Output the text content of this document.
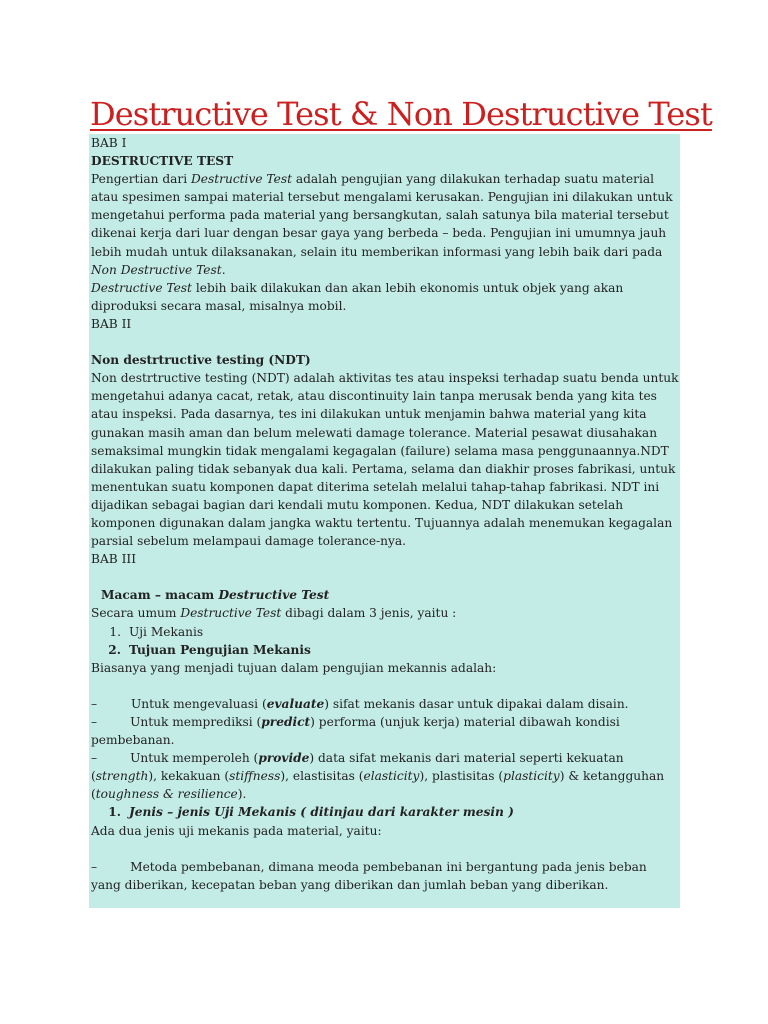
Destructive Test & Non Destructive Test

BAB I

DESTRUCTIVE TEST

Pengertian dari Destructive Test adalah pengujian yang dilakukan terhadap suatu material atau spesimen sampai material tersebut mengalami kerusakan. Pengujian ini dilakukan untuk mengetahui performa pada material yang bersangkutan, salah satunya bila material tersebut dikenai kerja dari luar dengan besar gaya yang berbeda – beda. Pengujian ini umumnya jauh lebih mudah untuk dilaksanakan, selain itu memberikan informasi yang lebih baik dari pada Non Destructive Test.

Destructive Test lebih baik dilakukan dan akan lebih ekonomis untuk objek yang akan diproduksi secara masal, misalnya mobil.

BAB II

Non destrtructive testing (NDT)

Non destrtructive testing (NDT) adalah aktivitas tes atau inspeksi terhadap suatu benda untuk mengetahui adanya cacat, retak, atau discontinuity lain tanpa merusak benda yang kita tes atau inspeksi. Pada dasarnya, tes ini dilakukan untuk menjamin bahwa material yang kita gunakan masih aman dan belum melewati damage tolerance. Material pesawat diusahakan semaksimal mungkin tidak mengalami kegagalan (failure) selama masa penggunaannya.NDT dilakukan paling tidak sebanyak dua kali. Pertama, selama dan diakhir proses fabrikasi, untuk menentukan suatu komponen dapat diterima setelah melalui tahap-tahap fabrikasi. NDT ini dijadikan sebagai bagian dari kendali mutu komponen. Kedua, NDT dilakukan setelah komponen digunakan dalam jangka waktu tertentu. Tujuannya adalah menemukan kegagalan parsial sebelum melampaui damage tolerance-nya.

BAB III

Macam – macam Destructive Test

Secara umum Destructive Test dibagi dalam 3 jenis, yaitu :

1. Uji Mekanis
2. Tujuan Pengujian Mekanis

Biasanya yang menjadi tujuan dalam pengujian mekannis adalah:

–	Untuk mengevaluasi (evaluate) sifat mekanis dasar untuk dipakai dalam disain.

–	Untuk memprediksi (predict) performa (unjuk kerja) material dibawah kondisi pembebanan.

–	Untuk memperoleh (provide) data sifat mekanis dari material seperti kekuatan (strength), kekakuan (stiffness), elastisitas (elasticity), plastisitas (plasticity) & ketangguhan (toughness & resilience).

1. Jenis – jenis Uji Mekanis ( ditinjau dari karakter mesin )

Ada dua jenis uji mekanis pada material, yaitu:

–	Metoda pembebanan, dimana meoda pembebanan ini bergantung pada jenis beban yang diberikan, kecepatan beban yang diberikan dan jumlah beban yang diberikan.
